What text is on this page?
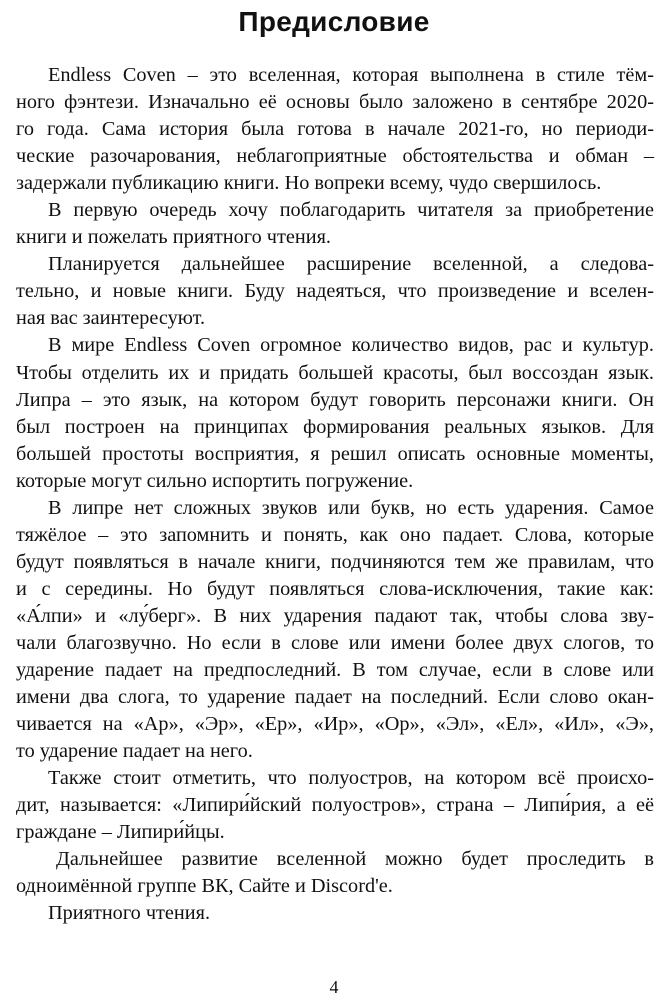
Предисловие
Endless Coven – это вселенная, которая выполнена в стиле тём-
ного фэнтези. Изначально её основы было заложено в сентябре 2020-
го года. Сама история была готова в начале 2021-го, но периоди-
ческие разочарования, неблагоприятные обстоятельства и обман –
задержали публикацию книги. Но вопреки всему, чудо свершилось.
В первую очередь хочу поблагодарить читателя за приобретение
книги и пожелать приятного чтения.
Планируется дальнейшее расширение вселенной, а следова-
тельно, и новые книги. Буду надеяться, что произведение и вселен-
ная вас заинтересуют.
В мире Endless Coven огромное количество видов, рас и культур.
Чтобы отделить их и придать большей красоты, был воссоздан язык.
Липра – это язык, на котором будут говорить персонажи книги. Он
был построен на принципах формирования реальных языков. Для
большей простоты восприятия, я решил описать основные моменты,
которые могут сильно испортить погружение.
В липре нет сложных звуков или букв, но есть ударения. Самое
тяжёлое – это запомнить и понять, как оно падает. Слова, которые
будут появляться в начале книги, подчиняются тем же правилам, что
и с середины. Но будут появляться слова-исключения, такие как:
«А́лпи» и «лу́берг». В них ударения падают так, чтобы слова зву-
чали благозвучно. Но если в слове или имени более двух слогов, то
ударение падает на предпоследний. В том случае, если в слове или
имени два слога, то ударение падает на последний. Если слово окан-
чивается на «Ар», «Эр», «Ер», «Ир», «Ор», «Эл», «Ел», «Ил», «Э»,
то ударение падает на него.
Также стоит отметить, что полуостров, на котором всё происхо-
дит, называется: «Липири́йский полуостров», страна – Липи́рия, а её
граждане – Липири́йцы.
Дальнейшее развитие вселенной можно будет проследить в
одноимённой группе ВК, Сайте и Discord'е.
Приятного чтения.
4
